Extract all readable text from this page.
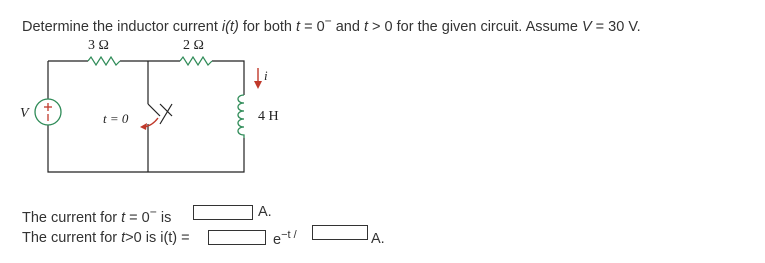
Determine the inductor current i(t) for both t = 0− and t > 0 for the given circuit. Assume V = 30 V.
3 Ω	2 Ω
V	t = 0
i
4 H
The current for t = 0− is	A.
The current for t>0 is i(t) =	$e^{-t /}$	A.
